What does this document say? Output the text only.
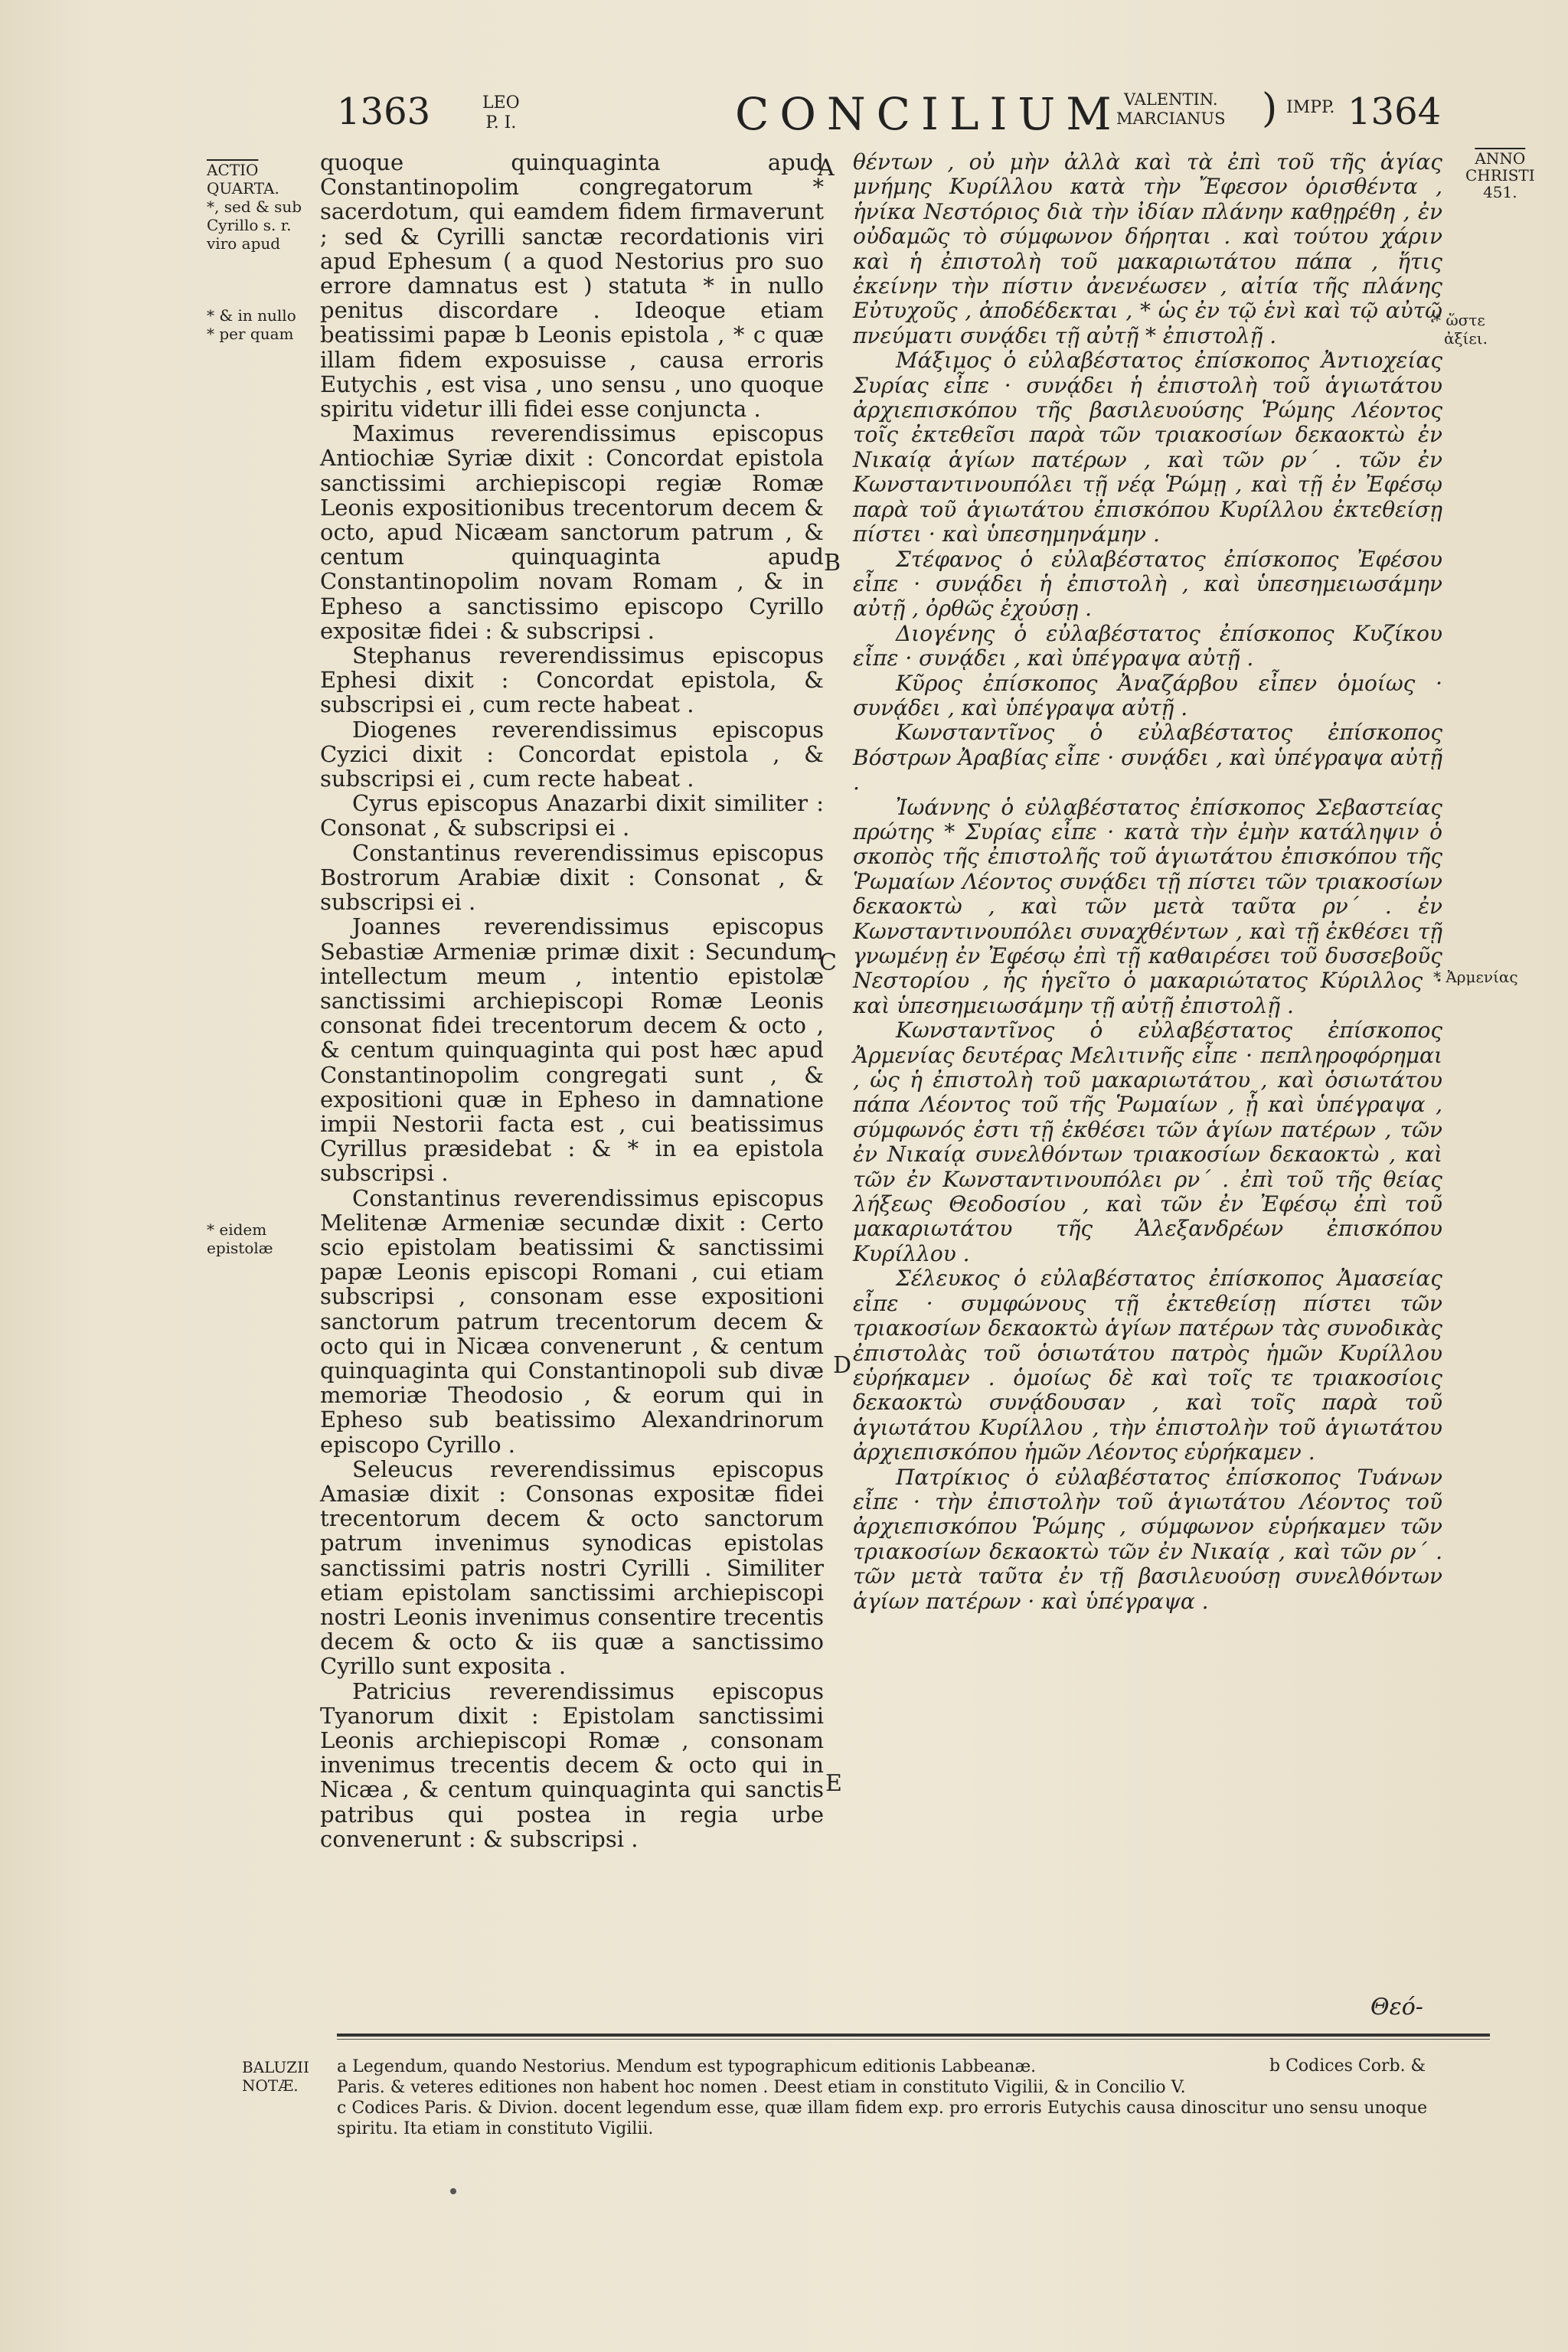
1363	LEO
P. I.	CONCILIUM VALENTIN.
MARCIANUS ) IMPP. 1364
ANNO
CHRISTI
451.
ACTIO
QUARTA.
*, sed & sub
Cyrillo s. r.
viro apud
* & in nullo
* per quam
* eidem
epistolæ
* ὥστε
ἀξίει.
* Ἀρμενίας
A
B
C
D
E

quoque quinquaginta apud Constantinopolim congregatorum * sacerdotum, qui eamdem fidem firmaverunt ; sed & Cyrilli sanctæ recordationis viri apud Ephesum ( a quod Nestorius pro suo errore damnatus est ) statuta * in nullo penitus discordare . Ideoque etiam beatissimi papæ b Leonis epistola , * c quæ illam fidem exposuisse , causa erroris Eutychis , est visa , uno sensu , uno quoque spiritu videtur illi fidei esse conjuncta .

Maximus reverendissimus episcopus Antiochiæ Syriæ dixit : Concordat epistola sanctissimi archiepiscopi regiæ Romæ Leonis expositionibus trecentorum decem & octo, apud Nicæam sanctorum patrum , & centum quinquaginta apud Constantinopolim novam Romam , & in Epheso a sanctissimo episcopo Cyrillo expositæ fidei : & subscripsi .

Stephanus reverendissimus episcopus Ephesi dixit : Concordat epistola, & subscripsi ei , cum recte habeat .

Diogenes reverendissimus episcopus Cyzici dixit : Concordat epistola , & subscripsi ei , cum recte habeat .

Cyrus episcopus Anazarbi dixit similiter : Consonat , & subscripsi ei .

Constantinus reverendissimus episcopus Bostrorum Arabiæ dixit : Consonat , & subscripsi ei .

Joannes reverendissimus episcopus Sebastiæ Armeniæ primæ dixit : Secundum intellectum meum , intentio epistolæ sanctissimi archiepiscopi Romæ Leonis consonat fidei trecentorum decem & octo , & centum quinquaginta qui post hæc apud Constantinopolim congregati sunt , & expositioni quæ in Epheso in damnatione impii Nestorii facta est , cui beatissimus Cyrillus præsidebat : & * in ea epistola subscripsi .

Constantinus reverendissimus episcopus Melitenæ Armeniæ secundæ dixit : Certo scio epistolam beatissimi & sanctissimi papæ Leonis episcopi Romani , cui etiam subscripsi , consonam esse expositioni sanctorum patrum trecentorum decem & octo qui in Nicæa convenerunt , & centum quinquaginta qui Constantinopoli sub divæ memoriæ Theodosio , & eorum qui in Epheso sub beatissimo Alexandrinorum episcopo Cyrillo .

Seleucus reverendissimus episcopus Amasiæ dixit : Consonas expositæ fidei trecentorum decem & octo sanctorum patrum invenimus synodicas epistolas sanctissimi patris nostri Cyrilli . Similiter etiam epistolam sanctissimi archiepiscopi nostri Leonis invenimus consentire trecentis decem & octo & iis quæ a sanctissimo Cyrillo sunt exposita .

Patricius reverendissimus episcopus Tyanorum dixit : Epistolam sanctissimi Leonis archiepiscopi Romæ , consonam invenimus trecentis decem & octo qui in Nicæa , & centum quinquaginta qui sanctis patribus qui postea in regia urbe convenerunt : & subscripsi .

θέντων , οὐ μὴν ἀλλὰ καὶ τὰ ἐπὶ τοῦ τῆς ἁγίας μνήμης Κυρίλλου κατὰ τὴν Ἔφεσον ὁρισθέντα , ἡνίκα Νεστόριος διὰ τὴν ἰδίαν πλάνην καθῃρέθη , ἐν οὐδαμῶς τὸ σύμφωνον δήρηται . καὶ τούτου χάριν καὶ ἡ ἐπιστολὴ τοῦ μακαριωτάτου πάπα , ἥτις ἐκείνην τὴν πίστιν ἀνενέωσεν , αἰτία τῆς πλάνης Εὐτυχοῦς , ἀποδέδεκται , * ὡς ἐν τῷ ἑνὶ καὶ τῷ αὐτῷ πνεύματι συνᾴδει τῇ αὐτῇ * ἐπιστολῇ .

Μάξιμος ὁ εὐλαβέστατος ἐπίσκοπος Ἀντιοχείας Συρίας εἶπε · συνᾴδει ἡ ἐπιστολὴ τοῦ ἁγιωτάτου ἀρχιεπισκόπου τῆς βασιλευούσης Ῥώμης Λέοντος τοῖς ἐκτεθεῖσι παρὰ τῶν τριακοσίων δεκαοκτὼ ἐν Νικαίᾳ ἁγίων πατέρων , καὶ τῶν ρν΄ . τῶν ἐν Κωνσταντινουπόλει τῇ νέᾳ Ῥώμῃ , καὶ τῇ ἐν Ἐφέσῳ παρὰ τοῦ ἁγιωτάτου ἐπισκόπου Κυρίλλου ἐκτεθείσῃ πίστει · καὶ ὑπεσημηνάμην .

Στέφανος ὁ εὐλαβέστατος ἐπίσκοπος Ἐφέσου εἶπε · συνᾴδει ἡ ἐπιστολὴ , καὶ ὑπεσημειωσάμην αὐτῇ , ὀρθῶς ἐχούσῃ .

Διογένης ὁ εὐλαβέστατος ἐπίσκοπος Κυζίκου εἶπε · συνᾴδει , καὶ ὑπέγραψα αὐτῇ .

Κῦρος ἐπίσκοπος Ἀναζάρβου εἶπεν ὁμοίως · συνᾴδει , καὶ ὑπέγραψα αὐτῇ .

Κωνσταντῖνος ὁ εὐλαβέστατος ἐπίσκοπος Βόστρων Ἀραβίας εἶπε · συνᾴδει , καὶ ὑπέγραψα αὐτῇ .

Ἰωάννης ὁ εὐλαβέστατος ἐπίσκοπος Σεβαστείας πρώτης * Συρίας εἶπε · κατὰ τὴν ἐμὴν κατάληψιν ὁ σκοπὸς τῆς ἐπιστολῆς τοῦ ἁγιωτάτου ἐπισκόπου τῆς Ῥωμαίων Λέοντος συνᾴδει τῇ πίστει τῶν τριακοσίων δεκαοκτὼ , καὶ τῶν μετὰ ταῦτα ρν΄ . ἐν Κωνσταντινουπόλει συναχθέντων , καὶ τῇ ἐκθέσει τῇ γνωμένῃ ἐν Ἐφέσῳ ἐπὶ τῇ καθαιρέσει τοῦ δυσσεβοῦς Νεστορίου , ἧς ἡγεῖτο ὁ μακαριώτατος Κύριλλος · καὶ ὑπεσημειωσάμην τῇ αὐτῇ ἐπιστολῇ .

Κωνσταντῖνος ὁ εὐλαβέστατος ἐπίσκοπος Ἀρμενίας δευτέρας Μελιτινῆς εἶπε · πεπληροφόρημαι , ὡς ἡ ἐπιστολὴ τοῦ μακαριωτάτου , καὶ ὁσιωτάτου πάπα Λέοντος τοῦ τῆς Ῥωμαίων , ᾗ καὶ ὑπέγραψα , σύμφωνός ἐστι τῇ ἐκθέσει τῶν ἁγίων πατέρων , τῶν ἐν Νικαίᾳ συνελθόντων τριακοσίων δεκαοκτὼ , καὶ τῶν ἐν Κωνσταντινουπόλει ρν΄ . ἐπὶ τοῦ τῆς θείας λήξεως Θεοδοσίου , καὶ τῶν ἐν Ἐφέσῳ ἐπὶ τοῦ μακαριωτάτου τῆς Ἀλεξανδρέων ἐπισκόπου Κυρίλλου .

Σέλευκος ὁ εὐλαβέστατος ἐπίσκοπος Ἀμασείας εἶπε · συμφώνους τῇ ἐκτεθείσῃ πίστει τῶν τριακοσίων δεκαοκτὼ ἁγίων πατέρων τὰς συνοδικὰς ἐπιστολὰς τοῦ ὁσιωτάτου πατρὸς ἡμῶν Κυρίλλου εὑρήκαμεν . ὁμοίως δὲ καὶ τοῖς τε τριακοσίοις δεκαοκτὼ συνᾴδουσαν , καὶ τοῖς παρὰ τοῦ ἁγιωτάτου Κυρίλλου , τὴν ἐπιστολὴν τοῦ ἁγιωτάτου ἀρχιεπισκόπου ἡμῶν Λέοντος εὑρήκαμεν .

Πατρίκιος ὁ εὐλαβέστατος ἐπίσκοπος Τυάνων εἶπε · τὴν ἐπιστολὴν τοῦ ἁγιωτάτου Λέοντος τοῦ ἀρχιεπισκόπου Ῥώμης , σύμφωνον εὑρήκαμεν τῶν τριακοσίων δεκαοκτὼ τῶν ἐν Νικαίᾳ , καὶ τῶν ρν΄ . τῶν μετὰ ταῦτα ἐν τῇ βασιλευούσῃ συνελθόντων ἁγίων πατέρων · καὶ ὑπέγραψα .

Θεό-
BALUZII
NOTÆ.

a Legendum, quando Nestorius. Mendum est typographicum editionis Labbeanæ.

Paris. & veteres editiones non habent hoc nomen . Deest etiam in constituto Vigilii, & in Concilio V.

c Codices Paris. & Divion. docent legendum esse, quæ illam fidem exp. pro erroris Eutychis causa dinoscitur uno sensu unoque spiritu. Ita etiam in constituto Vigilii.

b Codices Corb. &
